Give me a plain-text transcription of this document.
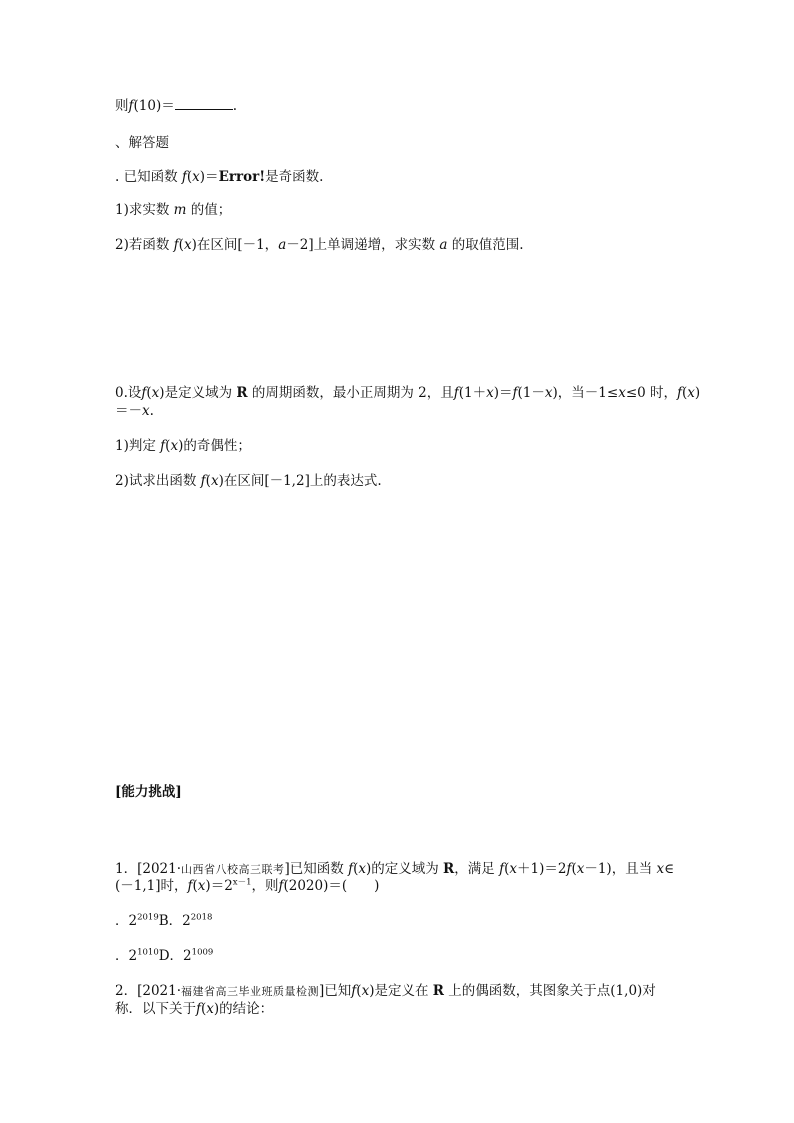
则f(10)＝	.
、解答题
. 已知函数 f(x)＝Error!是奇函数.
1)求实数 m 的值；
2)若函数 f(x)在区间[－1，a－2]上单调递增，求实数 a 的取值范围.
0.设f(x)是定义域为 R 的周期函数，最小正周期为 2，且f(1＋x)＝f(1－x)，当－1≤x≤0 时，f(x)
＝－x.
1)判定 f(x)的奇偶性；
2)试求出函数 f(x)在区间[－1,2]上的表达式.
[能力挑战]
1．[2021·山西省八校高三联考]已知函数 f(x)的定义域为 R，满足 f(x＋1)＝2f(x－1)，且当 x∈
(－1,1]时，$f(x)=2^{x-1}$，则f(2020)＝(　　)
．$2^{2019}B$．$2^{2018}$
．$2^{1010}D$．$2^{1009}$
2．[2021·福建省高三毕业班质量检测]已知f(x)是定义在 R 上的偶函数，其图象关于点(1,0)对
称．以下关于f(x)的结论：
